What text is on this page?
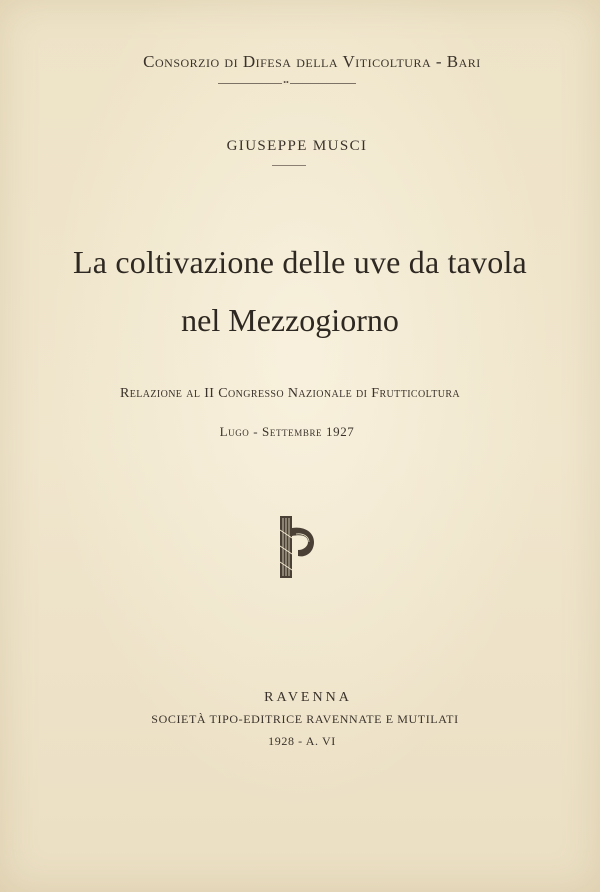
Consorzio di Difesa della Viticoltura - Bari
••
GIUSEPPE MUSCI
La coltivazione delle uve da tavola
nel Mezzogiorno
Relazione al II Congresso Nazionale di Frutticoltura
Lugo - Settembre 1927
RAVENNA
SOCIETÀ TIPO-EDITRICE RAVENNATE E MUTILATI
1928 - A. VI
